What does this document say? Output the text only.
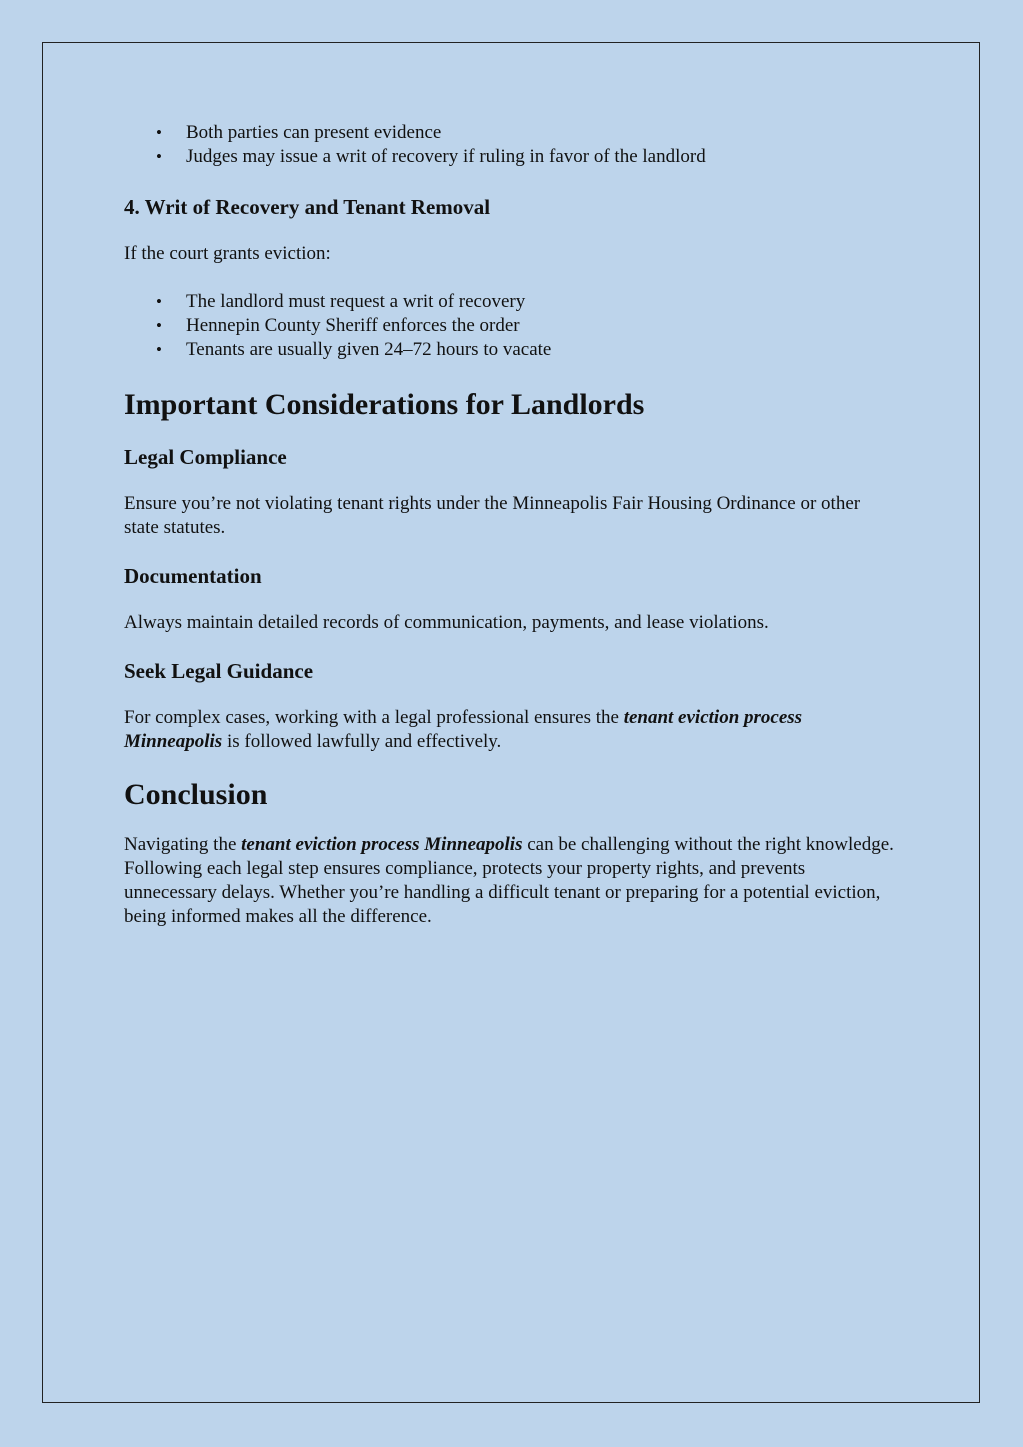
• Both parties can present evidence
• Judges may issue a writ of recovery if ruling in favor of the landlord
4. Writ of Recovery and Tenant Removal

If the court grants eviction:

• The landlord must request a writ of recovery
• Hennepin County Sheriff enforces the order
• Tenants are usually given 24–72 hours to vacate
Important Considerations for Landlords
Legal Compliance

Ensure you’re not violating tenant rights under the Minneapolis Fair Housing Ordinance or other state statutes.

Documentation

Always maintain detailed records of communication, payments, and lease violations.

Seek Legal Guidance

For complex cases, working with a legal professional ensures the tenant eviction process Minneapolis is followed lawfully and effectively.

Conclusion

Navigating the tenant eviction process Minneapolis can be challenging without the right knowledge. Following each legal step ensures compliance, protects your property rights, and prevents unnecessary delays. Whether you’re handling a difficult tenant or preparing for a potential eviction, being informed makes all the difference.
